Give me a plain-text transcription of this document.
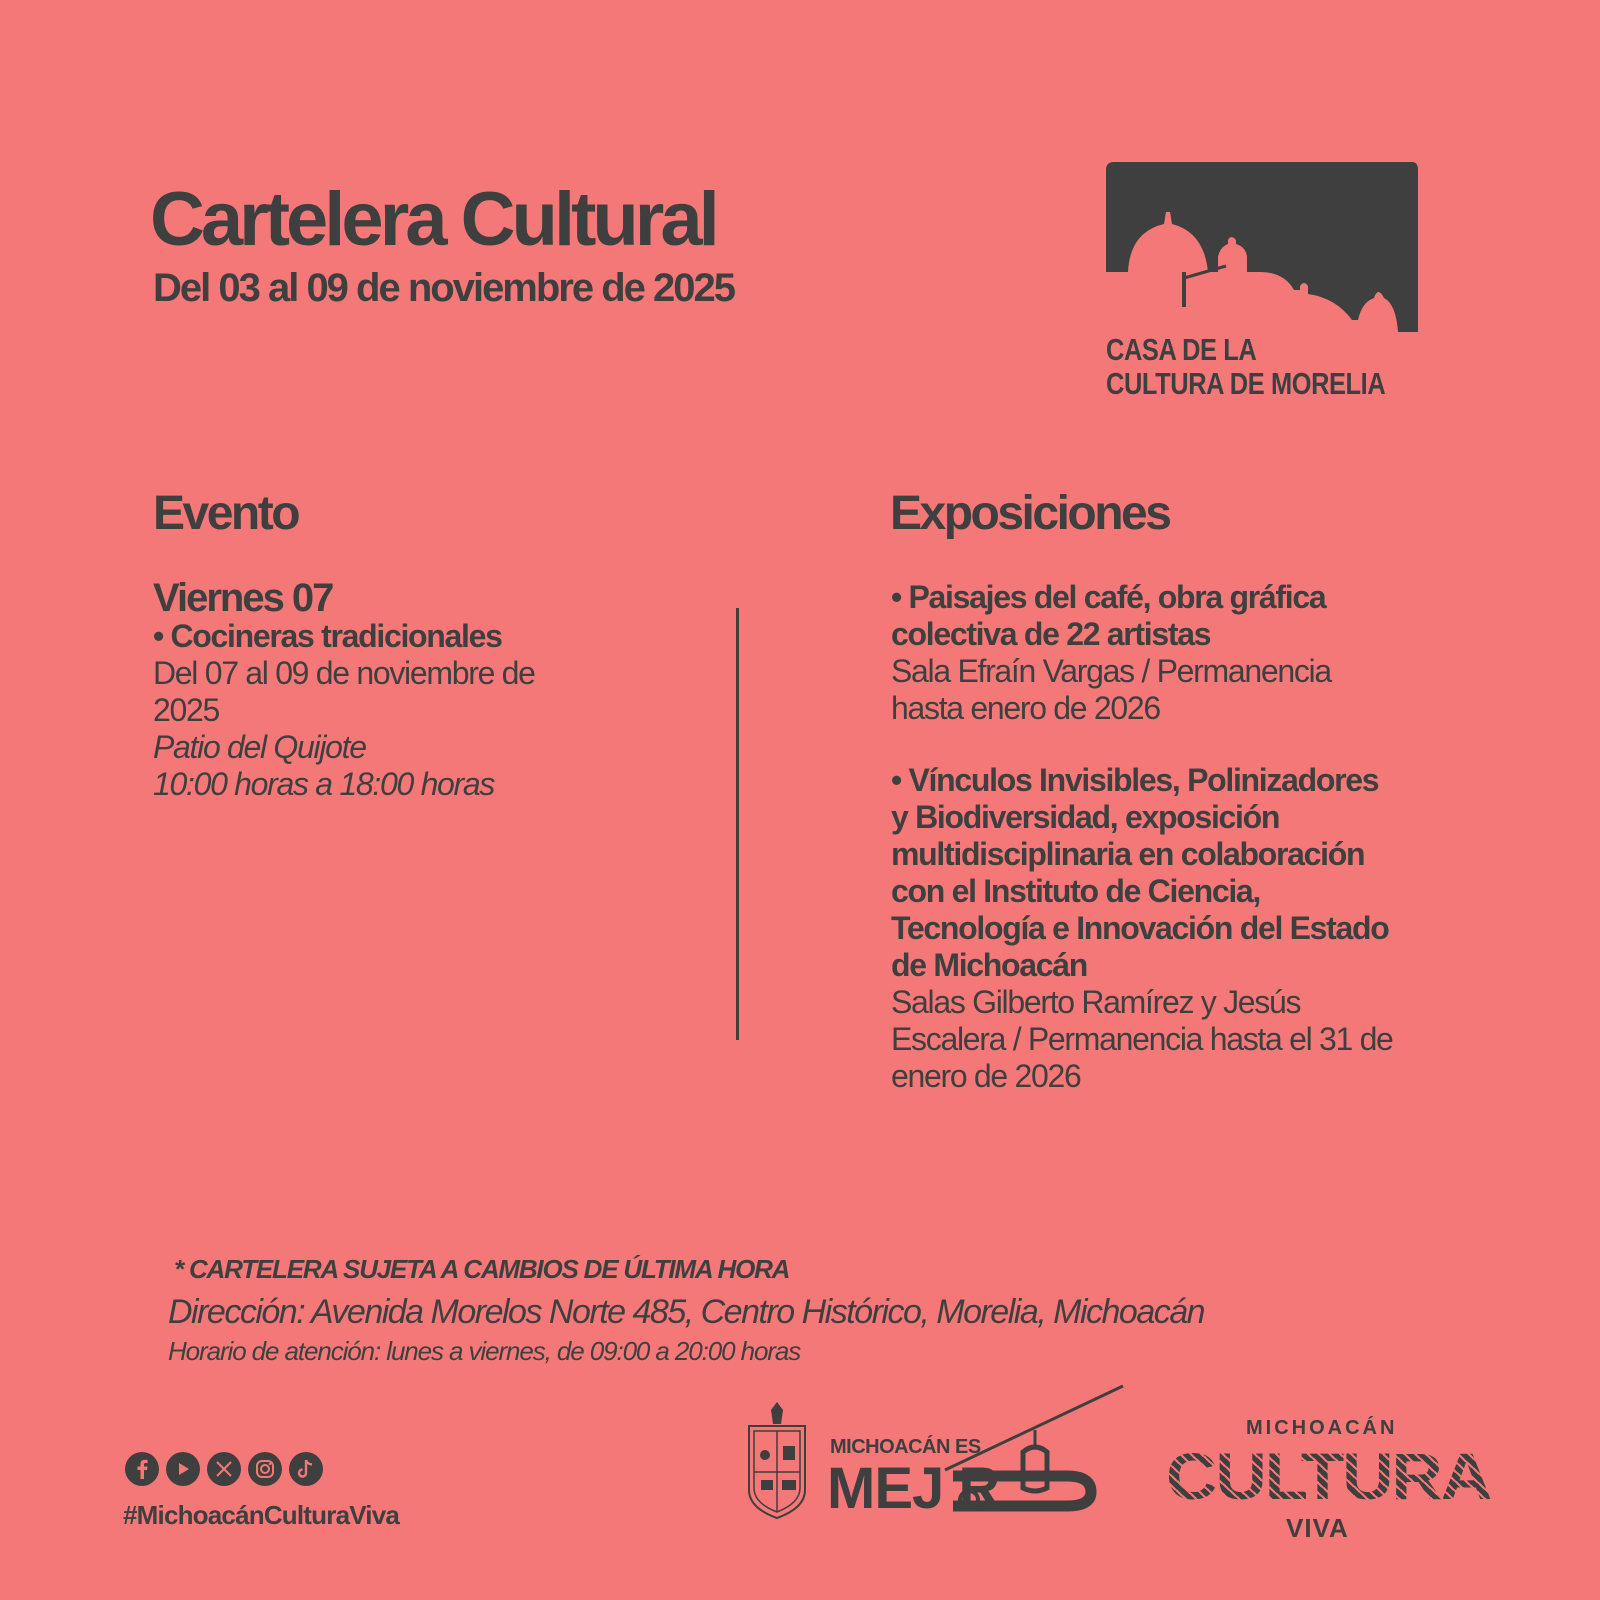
Cartelera Cultural
Del 03 al 09 de noviembre de 2025
CASA DE LA
CULTURA DE MORELIA
Evento	Exposiciones
Viernes 07
• Cocineras tradicionales
Del 07 al 09 de noviembre de
2025
Patio del Quijote
10:00 horas a 18:00 horas
• Paisajes del café, obra gráfica
colectiva de 22 artistas
Sala Efraín Vargas / Permanencia
hasta enero de 2026
• Vínculos Invisibles, Polinizadores
y Biodiversidad, exposición
multidisciplinaria en colaboración
con el Instituto de Ciencia,
Tecnología e Innovación del Estado
de Michoacán
Salas Gilberto Ramírez y Jesús
Escalera / Permanencia hasta el 31 de
enero de 2026
* CARTELERA SUJETA A CAMBIOS DE ÚLTIMA HORA
Dirección: Avenida Morelos Norte 485, Centro Histórico, Morelia, Michoacán
Horario de atención: lunes a viernes, de 09:00 a 20:00 horas
#MichoacánCulturaViva
MICHOACÁN ES
MEJ R
MICHOACÁN
CULTURA
VIVA
